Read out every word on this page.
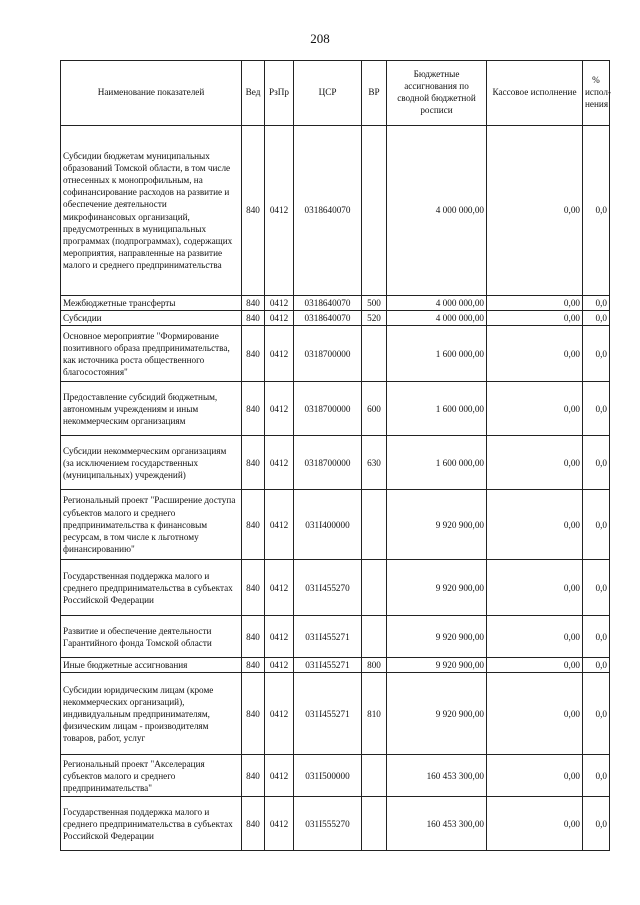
208
Наименование показателей	Вед	РзПр	ЦСР	ВР	Бюджетные ассигнования по сводной бюджетной росписи	Кассовое исполнение	% испол-нения
Субсидии бюджетам муниципальных образований Томской области, в том числе отнесенных к монопрофильным, на софинансирование расходов на развитие и обеспечение деятельности микрофинансовых организаций, предусмотренных в муниципальных программах (подпрограммах), содержащих мероприятия, направленные на развитие малого и среднего предпринимательства	840	0412	0318640070		4 000 000,00	0,00	0,0
Межбюджетные трансферты	840	0412	0318640070	500	4 000 000,00	0,00	0,0
Субсидии	840	0412	0318640070	520	4 000 000,00	0,00	0,0
Основное мероприятие "Формирование позитивного образа предпринимательства, как источника роста общественного благосостояния"	840	0412	0318700000		1 600 000,00	0,00	0,0
Предоставление субсидий бюджетным, автономным учреждениям и иным некоммерческим организациям	840	0412	0318700000	600	1 600 000,00	0,00	0,0
Субсидии некоммерческим организациям (за исключением государственных (муниципальных) учреждений)	840	0412	0318700000	630	1 600 000,00	0,00	0,0
Региональный проект "Расширение доступа субъектов малого и среднего предпринимательства к финансовым ресурсам, в том числе к льготному финансированию"	840	0412	031I400000		9 920 900,00	0,00	0,0
Государственная поддержка малого и среднего предпринимательства в субъектах Российской Федерации	840	0412	031I455270		9 920 900,00	0,00	0,0
Развитие и обеспечение деятельности Гарантийного фонда Томской области	840	0412	031I455271		9 920 900,00	0,00	0,0
Иные бюджетные ассигнования	840	0412	031I455271	800	9 920 900,00	0,00	0,0
Субсидии юридическим лицам (кроме некоммерческих организаций), индивидуальным предпринимателям, физическим лицам - производителям товаров, работ, услуг	840	0412	031I455271	810	9 920 900,00	0,00	0,0
Региональный проект "Акселерация субъектов малого и среднего предпринимательства"	840	0412	031I500000		160 453 300,00	0,00	0,0
Государственная поддержка малого и среднего предпринимательства в субъектах Российской Федерации	840	0412	031I555270		160 453 300,00	0,00	0,0
